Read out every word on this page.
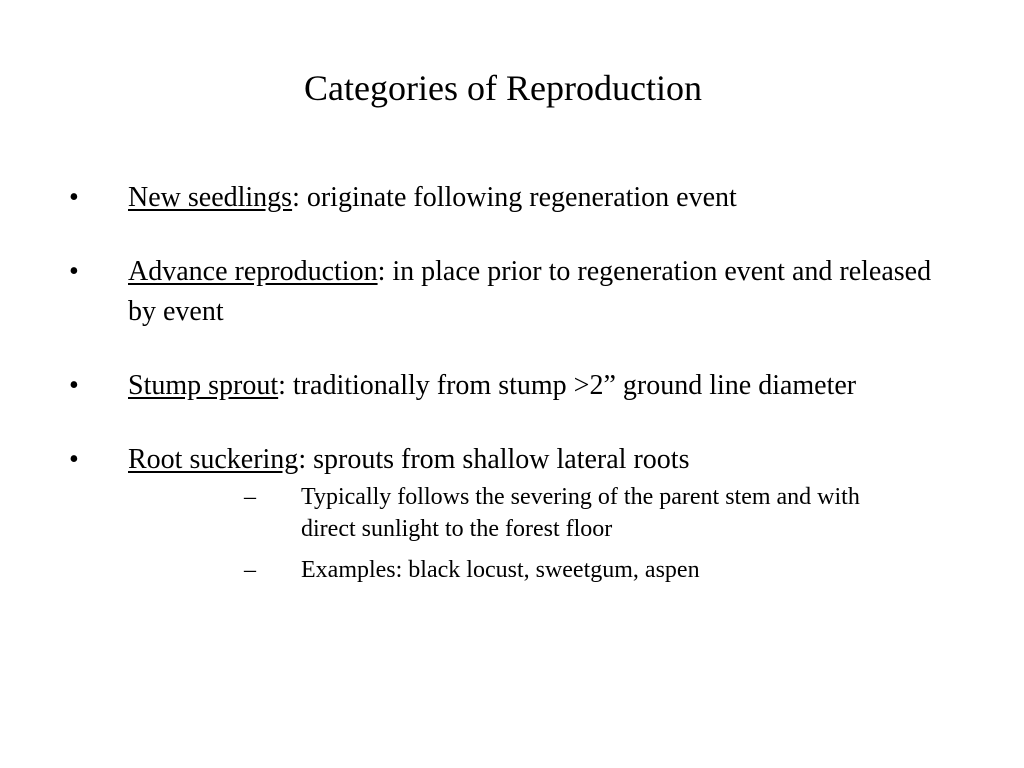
Categories of Reproduction
• New seedlings: originate following regeneration event
• Advance reproduction: in place prior to regeneration event and released by event
• Stump sprout: traditionally from stump >2” ground line diameter
• Root suckering: sprouts from shallow lateral roots
– Typically follows the severing of the parent stem and with direct sunlight to the forest floor
– Examples: black locust, sweetgum, aspen
